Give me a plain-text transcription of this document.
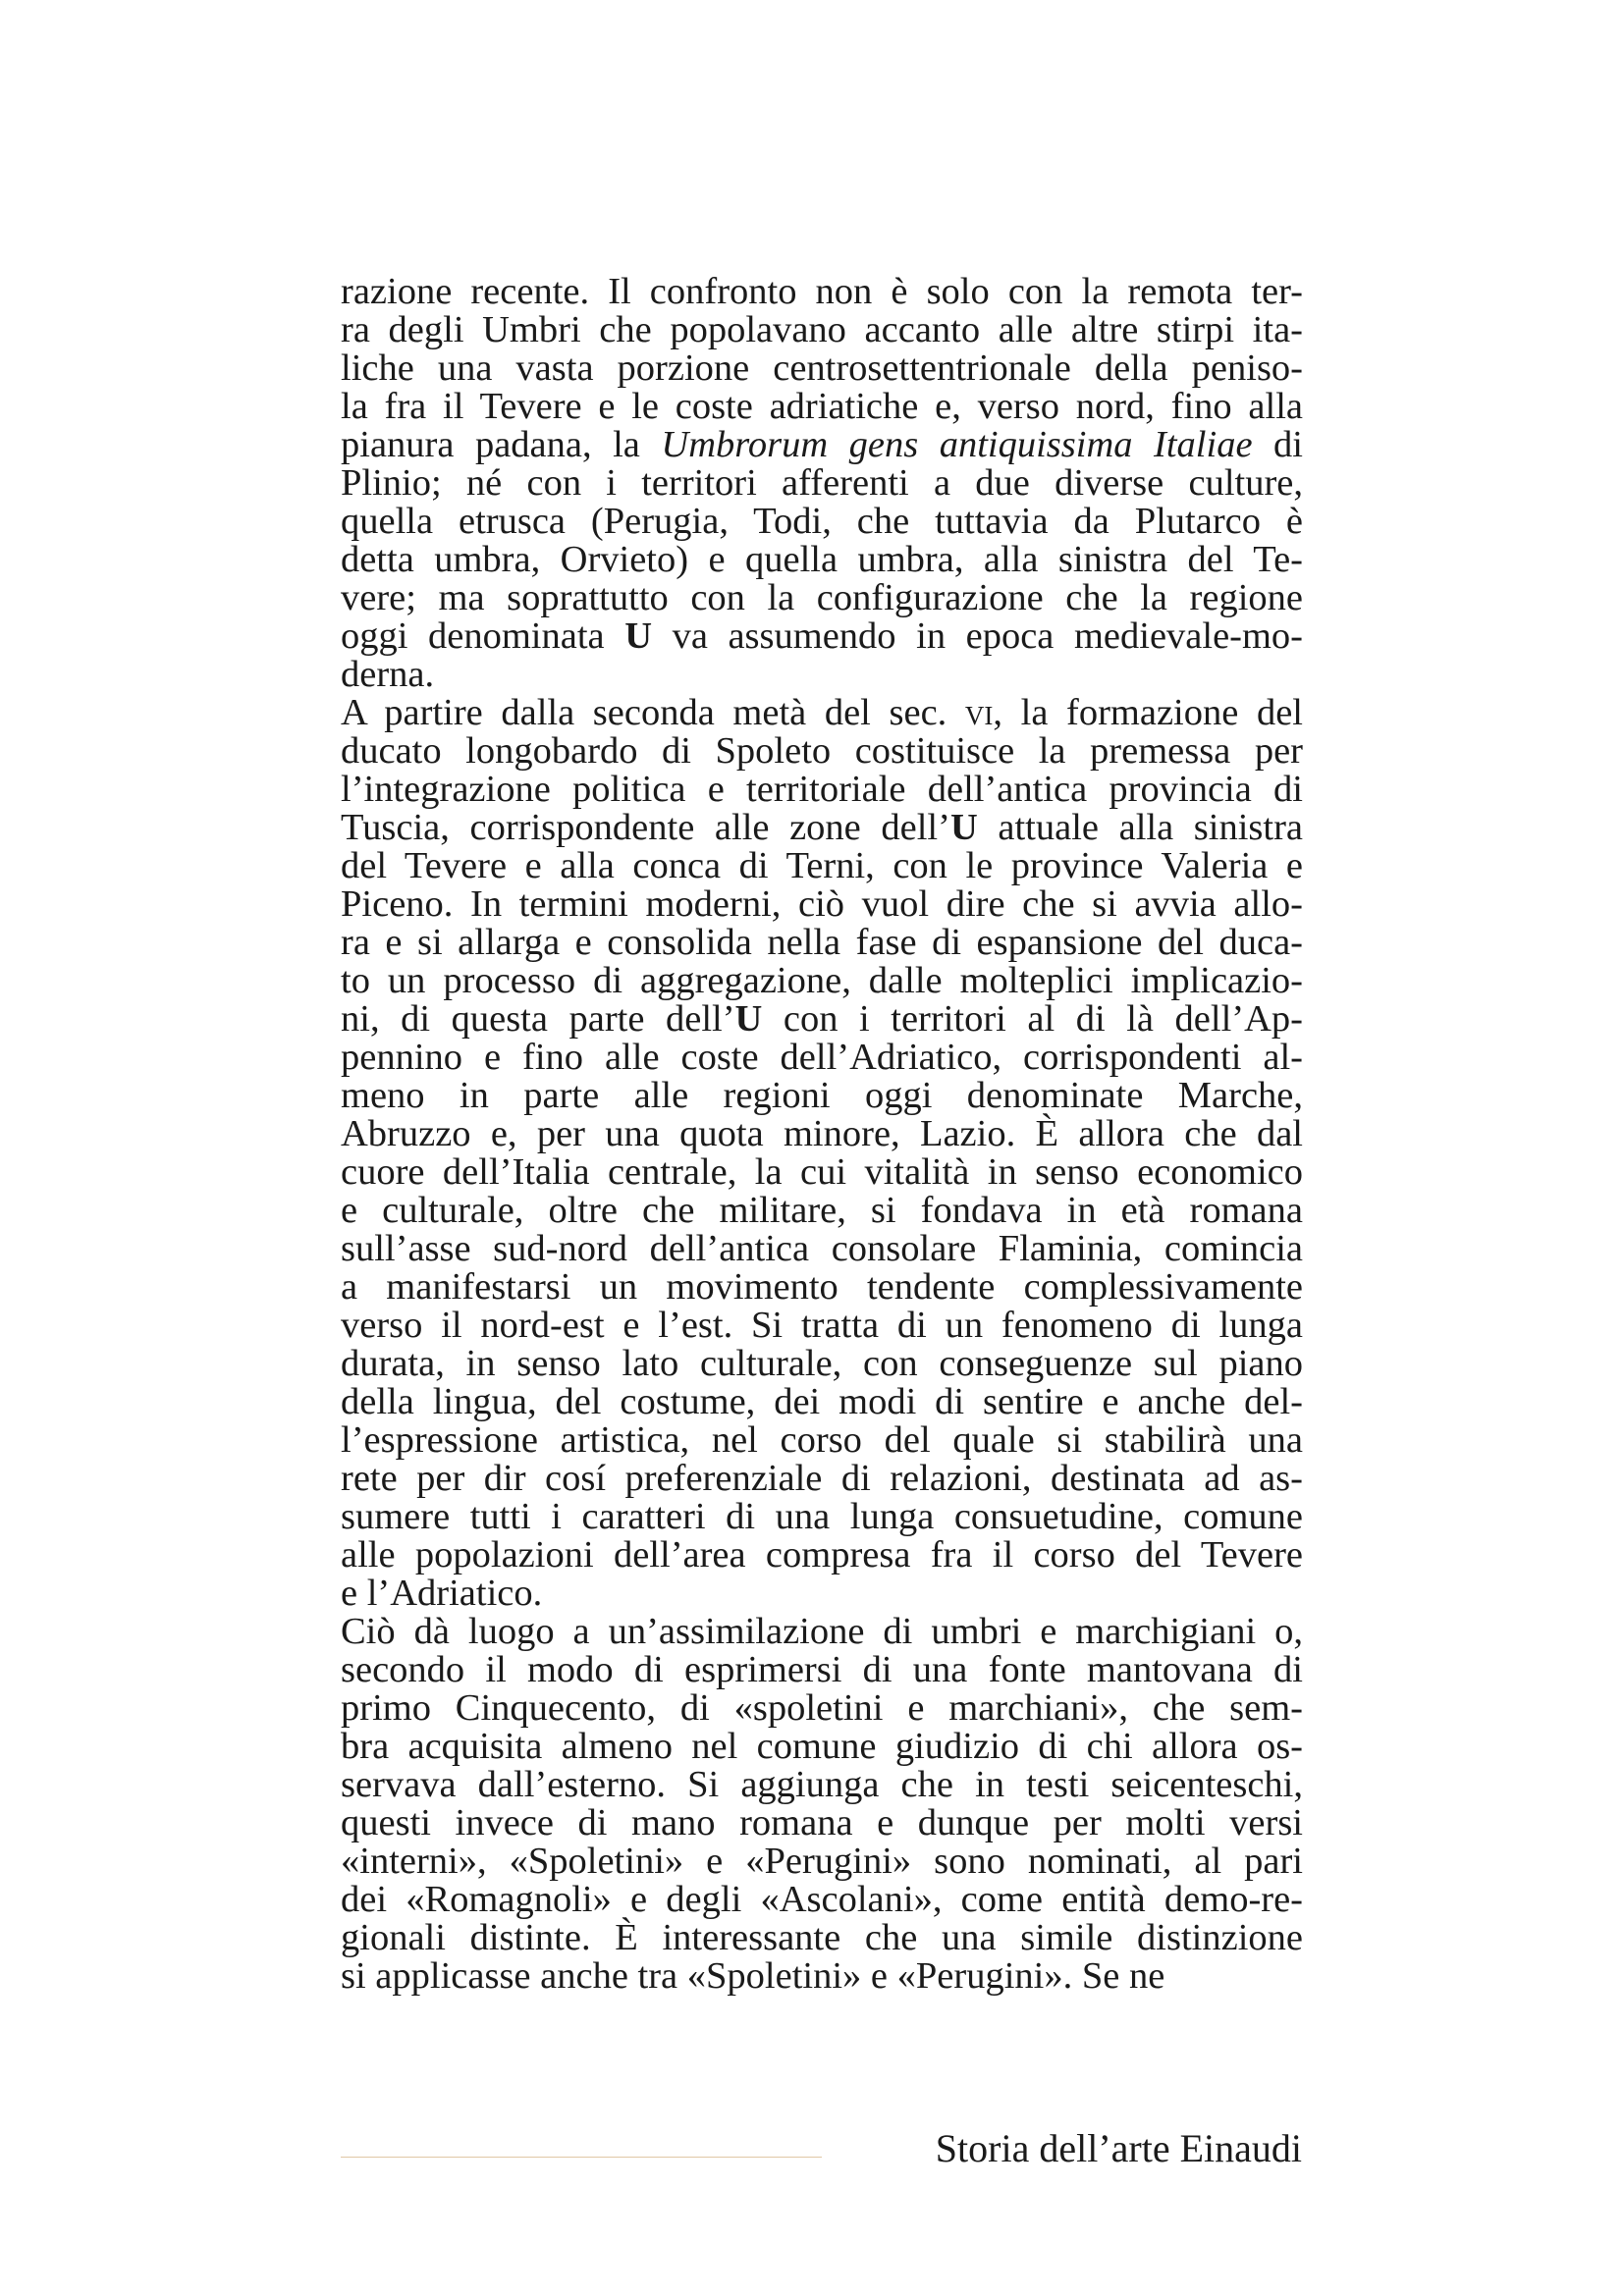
razione recente. Il confronto non è solo con la remota ter-
ra degli Umbri che popolavano accanto alle altre stirpi ita-
liche una vasta porzione centrosettentrionale della peniso-
la fra il Tevere e le coste adriatiche e, verso nord, fino alla
pianura padana, la Umbrorum gens antiquissima Italiae di
Plinio; né con i territori afferenti a due diverse culture,
quella etrusca (Perugia, Todi, che tuttavia da Plutarco è
detta umbra, Orvieto) e quella umbra, alla sinistra del Te-
vere; ma soprattutto con la configurazione che la regione
oggi denominata U va assumendo in epoca medievale-mo-
derna.
A partire dalla seconda metà del sec. vi, la formazione del
ducato longobardo di Spoleto costituisce la premessa per
l’integrazione politica e territoriale dell’antica provincia di
Tuscia, corrispondente alle zone dell’U attuale alla sinistra
del Tevere e alla conca di Terni, con le province Valeria e
Piceno. In termini moderni, ciò vuol dire che si avvia allo-
ra e si allarga e consolida nella fase di espansione del duca-
to un processo di aggregazione, dalle molteplici implicazio-
ni, di questa parte dell’U con i territori al di là dell’Ap-
pennino e fino alle coste dell’Adriatico, corrispondenti al-
meno in parte alle regioni oggi denominate Marche,
Abruzzo e, per una quota minore, Lazio. È allora che dal
cuore dell’Italia centrale, la cui vitalità in senso economico
e culturale, oltre che militare, si fondava in età romana
sull’asse sud-nord dell’antica consolare Flaminia, comincia
a manifestarsi un movimento tendente complessivamente
verso il nord-est e l’est. Si tratta di un fenomeno di lunga
durata, in senso lato culturale, con conseguenze sul piano
della lingua, del costume, dei modi di sentire e anche del-
l’espressione artistica, nel corso del quale si stabilirà una
rete per dir cosí preferenziale di relazioni, destinata ad as-
sumere tutti i caratteri di una lunga consuetudine, comune
alle popolazioni dell’area compresa fra il corso del Tevere
e l’Adriatico.
Ciò dà luogo a un’assimilazione di umbri e marchigiani o,
secondo il modo di esprimersi di una fonte mantovana di
primo Cinquecento, di «spoletini e marchiani», che sem-
bra acquisita almeno nel comune giudizio di chi allora os-
servava dall’esterno. Si aggiunga che in testi seicenteschi,
questi invece di mano romana e dunque per molti versi
«interni», «Spoletini» e «Perugini» sono nominati, al pari
dei «Romagnoli» e degli «Ascolani», come entità demo-re-
gionali distinte. È interessante che una simile distinzione
si applicasse anche tra «Spoletini» e «Perugini». Se ne
Storia dell’arte Einaudi
